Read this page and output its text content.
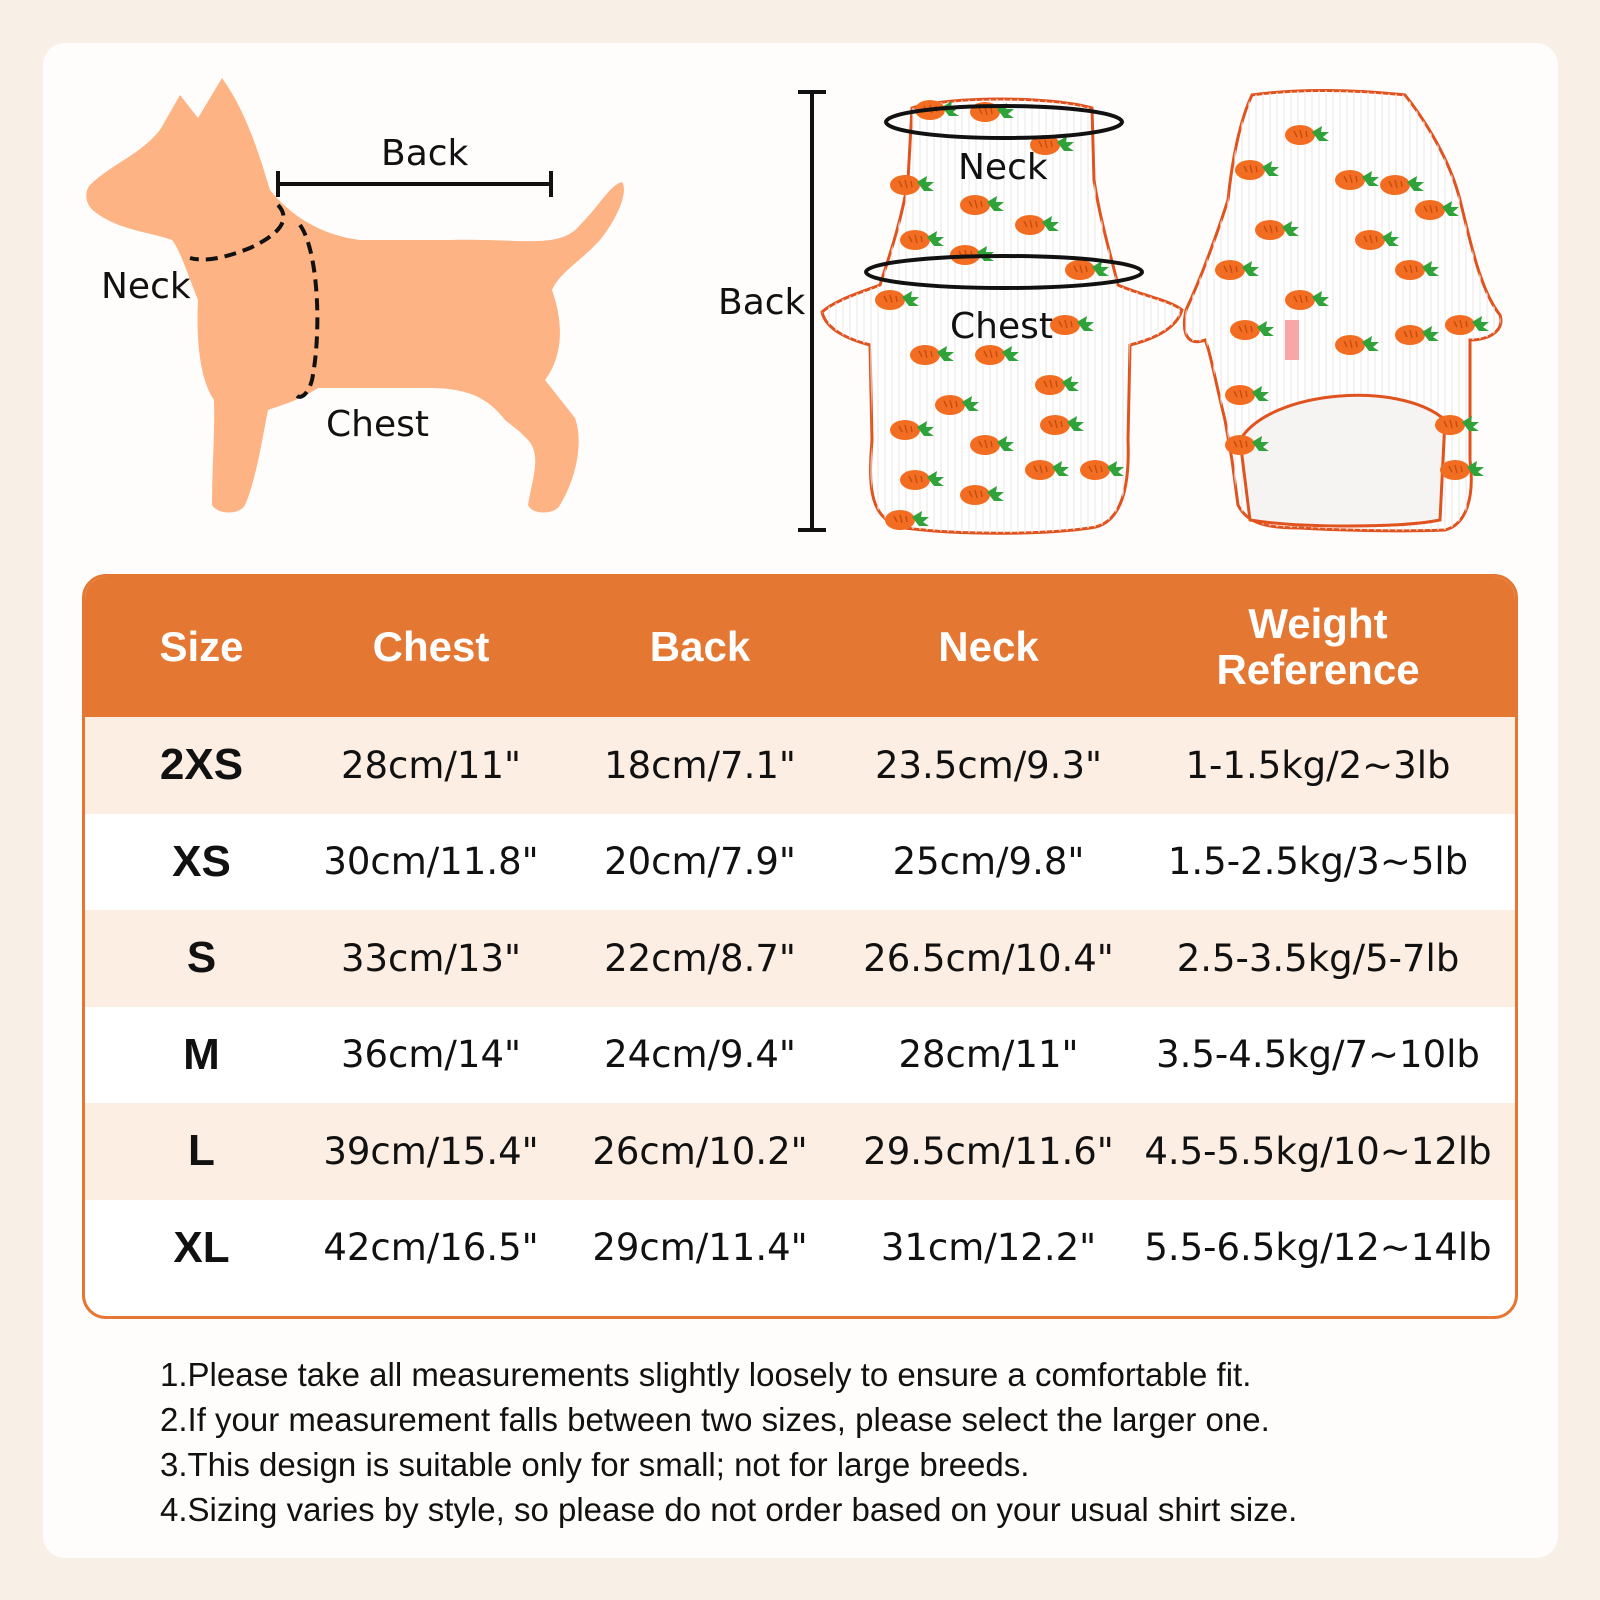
Back
Neck
Chest
Back
Neck
Chest
Size	Chest	Back	Neck	Weight Reference
2XS	28cm/11"	18cm/7.1"	23.5cm/9.3"	1-1.5kg/2~3lb
XS	30cm/11.8"	20cm/7.9"	25cm/9.8"	1.5-2.5kg/3~5lb
S	33cm/13"	22cm/8.7"	26.5cm/10.4"	2.5-3.5kg/5-7lb
M	36cm/14"	24cm/9.4"	28cm/11"	3.5-4.5kg/7~10lb
L	39cm/15.4"	26cm/10.2"	29.5cm/11.6" 4.5-5.5kg/10~12lb
XL	42cm/16.5"	29cm/11.4"	31cm/12.2"	5.5-6.5kg/12~14lb
1.Please take all measurements slightly loosely to ensure a comfortable fit.
2.If your measurement falls between two sizes, please select the larger one.
3.This design is suitable only for small; not for large breeds.
4.Sizing varies by style, so please do not order based on your usual shirt size.
